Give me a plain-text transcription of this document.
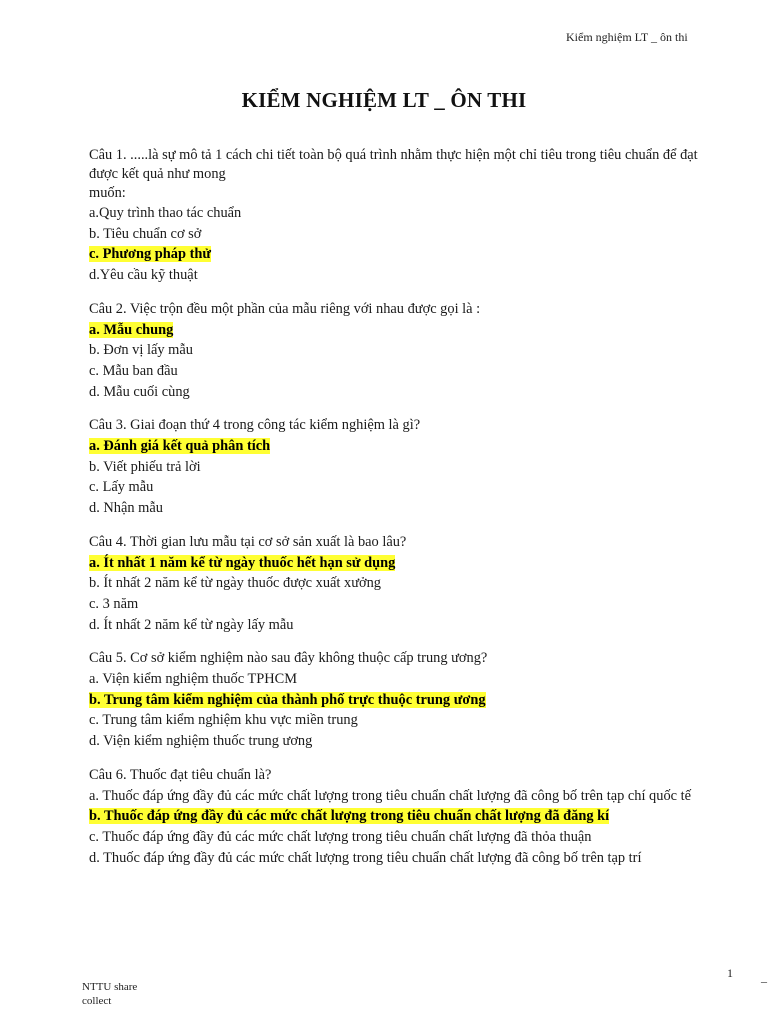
Kiểm nghiệm LT _ ôn thi
KIỂM NGHIỆM LT _ ÔN THI
Câu 1. .....là sự mô tả 1 cách chi tiết toàn bộ quá trình nhằm thực hiện một chỉ tiêu trong tiêu chuẩn để đạt được kết quả như mong
muốn:
a.Quy trình thao tác chuẩn
b. Tiêu chuẩn cơ sở
c. Phương pháp thử
d.Yêu cầu kỹ thuật
Câu 2. Việc trộn đều một phần của mẫu riêng với nhau được gọi là :
a. Mẫu chung
b. Đơn vị lấy mẫu
c. Mẫu ban đầu
d. Mẫu cuối cùng
Câu 3. Giai đoạn thứ 4 trong công tác kiểm nghiệm là gì?
a. Đánh giá kết quả phân tích
b. Viết phiếu trả lời
c. Lấy mẫu
d. Nhận mẫu
Câu 4. Thời gian lưu mẫu tại cơ sở sản xuất là bao lâu?
a. Ít nhất 1 năm kể từ ngày thuốc hết hạn sử dụng
b. Ít nhất 2 năm kể từ ngày thuốc được xuất xưởng
c. 3 năm
d. Ít nhất 2 năm kể từ ngày lấy mẫu
Câu 5. Cơ sở kiểm nghiệm nào sau đây không thuộc cấp trung ương?
a. Viện kiểm nghiệm thuốc TPHCM
b. Trung tâm kiểm nghiệm của thành phố trực thuộc trung ương
c. Trung tâm kiểm nghiệm khu vực miền trung
d. Viện kiểm nghiệm thuốc trung ương
Câu 6. Thuốc đạt tiêu chuẩn là?
a. Thuốc đáp ứng đầy đủ các mức chất lượng trong tiêu chuẩn chất lượng đã công bố trên tạp chí quốc tế
b. Thuốc đáp ứng đầy đủ các mức chất lượng trong tiêu chuẩn chất lượng đã đăng kí
c. Thuốc đáp ứng đầy đủ các mức chất lượng trong tiêu chuẩn chất lượng đã thỏa thuận
d. Thuốc đáp ứng đầy đủ các mức chất lượng trong tiêu chuẩn chất lượng đã công bố trên tạp trí
1 _
NTTU share
collect
